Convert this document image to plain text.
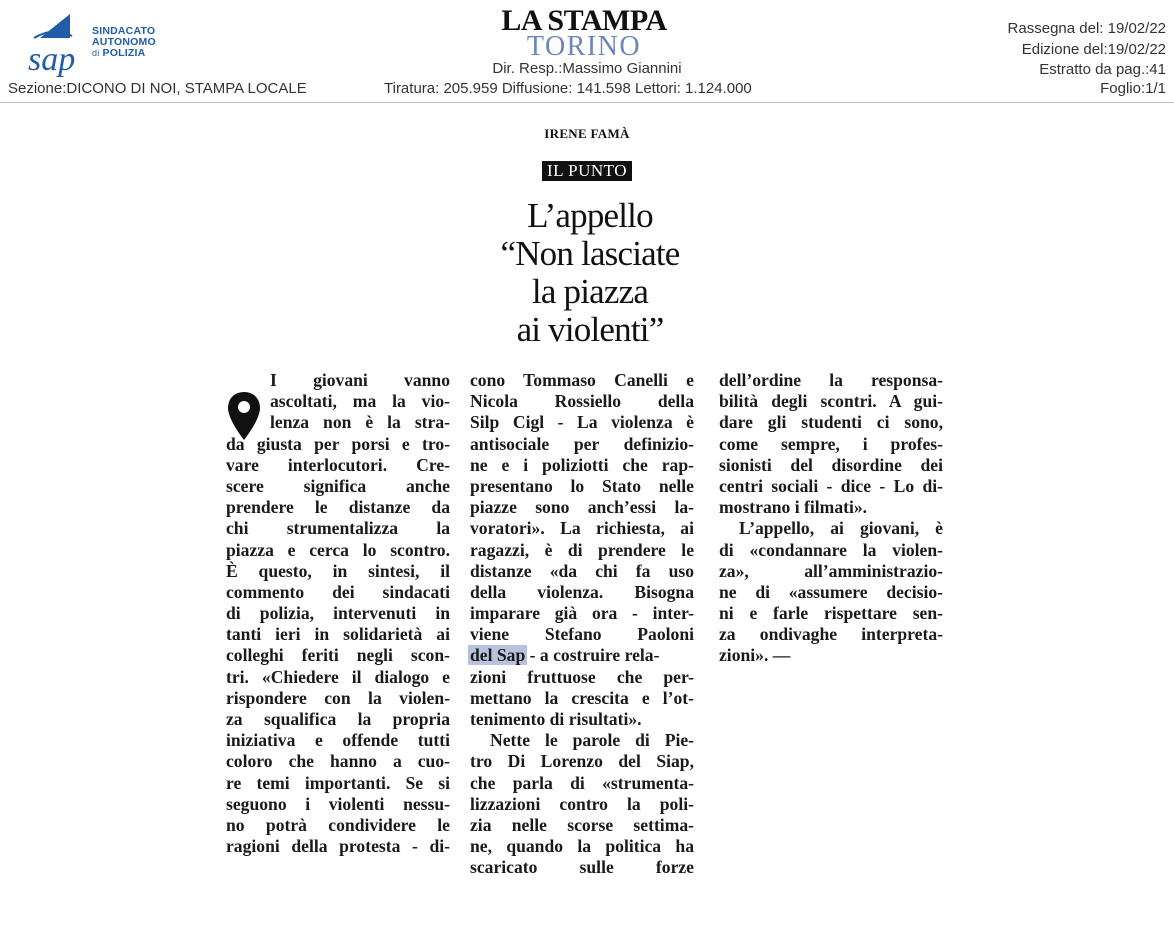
sap
SINDACATO
AUTONOMO
di POLIZIA
LA STAMPA
TORINO
Dir. Resp.:Massimo Giannini
Rassegna del: 19/02/22
Edizione del:19/02/22
Estratto da pag.:41
Sezione:DICONO DI NOI, STAMPA LOCALE	Tiratura: 205.959 Diffusione: 141.598 Lettori: 1.124.000	Foglio:1/1
IRENE FAMÀ
IL PUNTO
L’appello
“Non lasciate
la piazza
ai violenti”
I giovani vanno
ascoltati, ma la vio-
lenza non è la stra-
da giusta per porsi e tro-
vare interlocutori. Cre-
scere significa anche
prendere le distanze da
chi strumentalizza la
piazza e cerca lo scontro.
È questo, in sintesi, il
commento dei sindacati
di polizia, intervenuti in
tanti ieri in solidarietà ai
colleghi feriti negli scon-
tri. «Chiedere il dialogo e
rispondere con la violen-
za squalifica la propria
iniziativa e offende tutti
coloro che hanno a cuo-
re temi importanti. Se si
seguono i violenti nessu-
no potrà condividere le
ragioni della protesta - di-
cono Tommaso Canelli e
Nicola Rossiello della
Silp Cigl - La violenza è
antisociale per definizio-
ne e i poliziotti che rap-
presentano lo Stato nelle
piazze sono anch’essi la-
voratori». La richiesta, ai
ragazzi, è di prendere le
distanze «da chi fa uso
della violenza. Bisogna
imparare già ora - inter-
viene Stefano Paoloni
del Sap - a costruire rela-
zioni fruttuose che per-
mettano la crescita e l’ot-
tenimento di risultati».
Nette le parole di Pie-
tro Di Lorenzo del Siap,
che parla di «strumenta-
lizzazioni contro la poli-
zia nelle scorse settima-
ne, quando la politica ha
scaricato sulle forze
dell’ordine la responsa-
bilità degli scontri. A gui-
dare gli studenti ci sono,
come sempre, i profes-
sionisti del disordine dei
centri sociali - dice - Lo di-
mostrano i filmati».
L’appello, ai giovani, è
di «condannare la violen-
za», all’amministrazio-
ne di «assumere decisio-
ni e farle rispettare sen-
za ondivaghe interpreta-
zioni». —
